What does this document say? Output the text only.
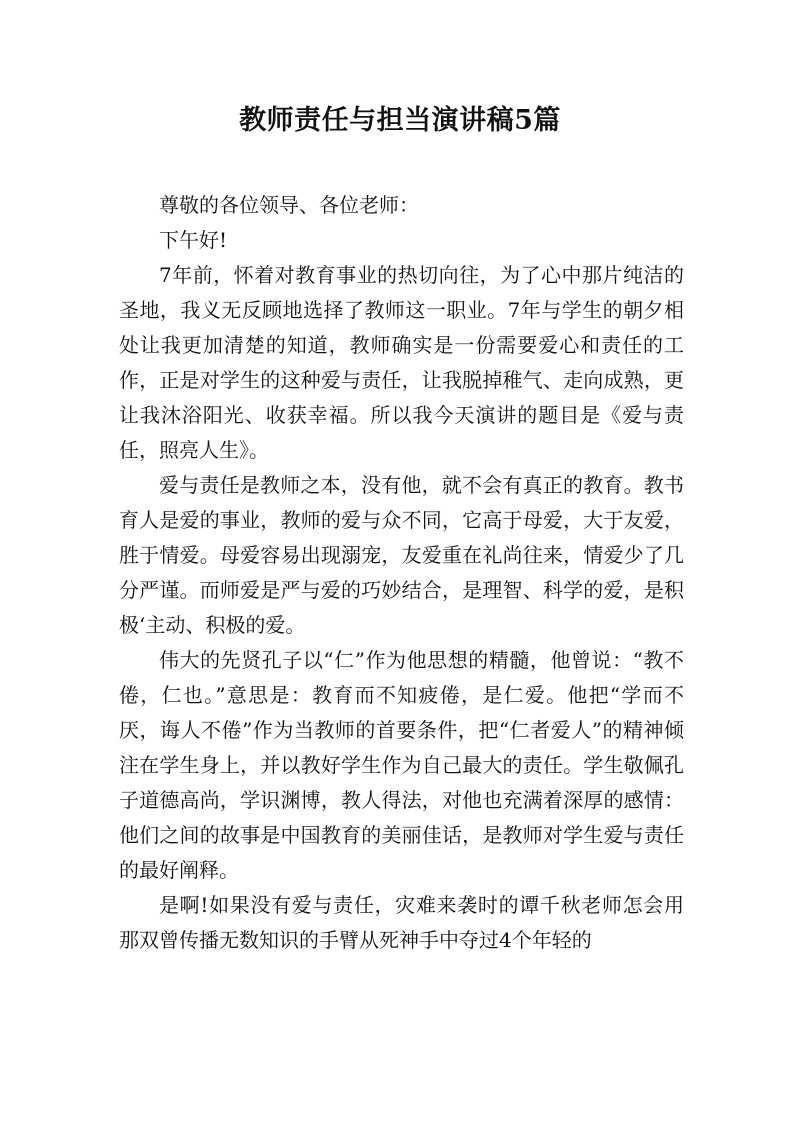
教师责任与担当演讲稿5篇

尊敬的各位领导、各位老师：

下午好!

7年前，怀着对教育事业的热切向往，为了心中那片纯洁的圣地，我义无反顾地选择了教师这一职业。7年与学生的朝夕相处让我更加清楚的知道，教师确实是一份需要爱心和责任的工作，正是对学生的这种爱与责任，让我脱掉稚气、走向成熟，更让我沐浴阳光、收获幸福。所以我今天演讲的题目是《爱与责任，照亮人生》。

爱与责任是教师之本，没有他，就不会有真正的教育。教书育人是爱的事业，教师的爱与众不同，它高于母爱，大于友爱，胜于情爱。母爱容易出现溺宠，友爱重在礼尚往来，情爱少了几分严谨。而师爱是严与爱的巧妙结合，是理智、科学的爱，是积极‘主动、积极的爱。

伟大的先贤孔子以“仁”作为他思想的精髓，他曾说：“教不倦，仁也。”意思是：教育而不知疲倦，是仁爱。他把“学而不厌，诲人不倦”作为当教师的首要条件，把“仁者爱人”的精神倾注在学生身上，并以教好学生作为自己最大的责任。学生敬佩孔子道德高尚，学识渊博，教人得法，对他也充满着深厚的感情：他们之间的故事是中国教育的美丽佳话，是教师对学生爱与责任的最好阐释。

是啊!如果没有爱与责任，灾难来袭时的谭千秋老师怎会用那双曾传播无数知识的手臂从死神手中夺过4个年轻的
